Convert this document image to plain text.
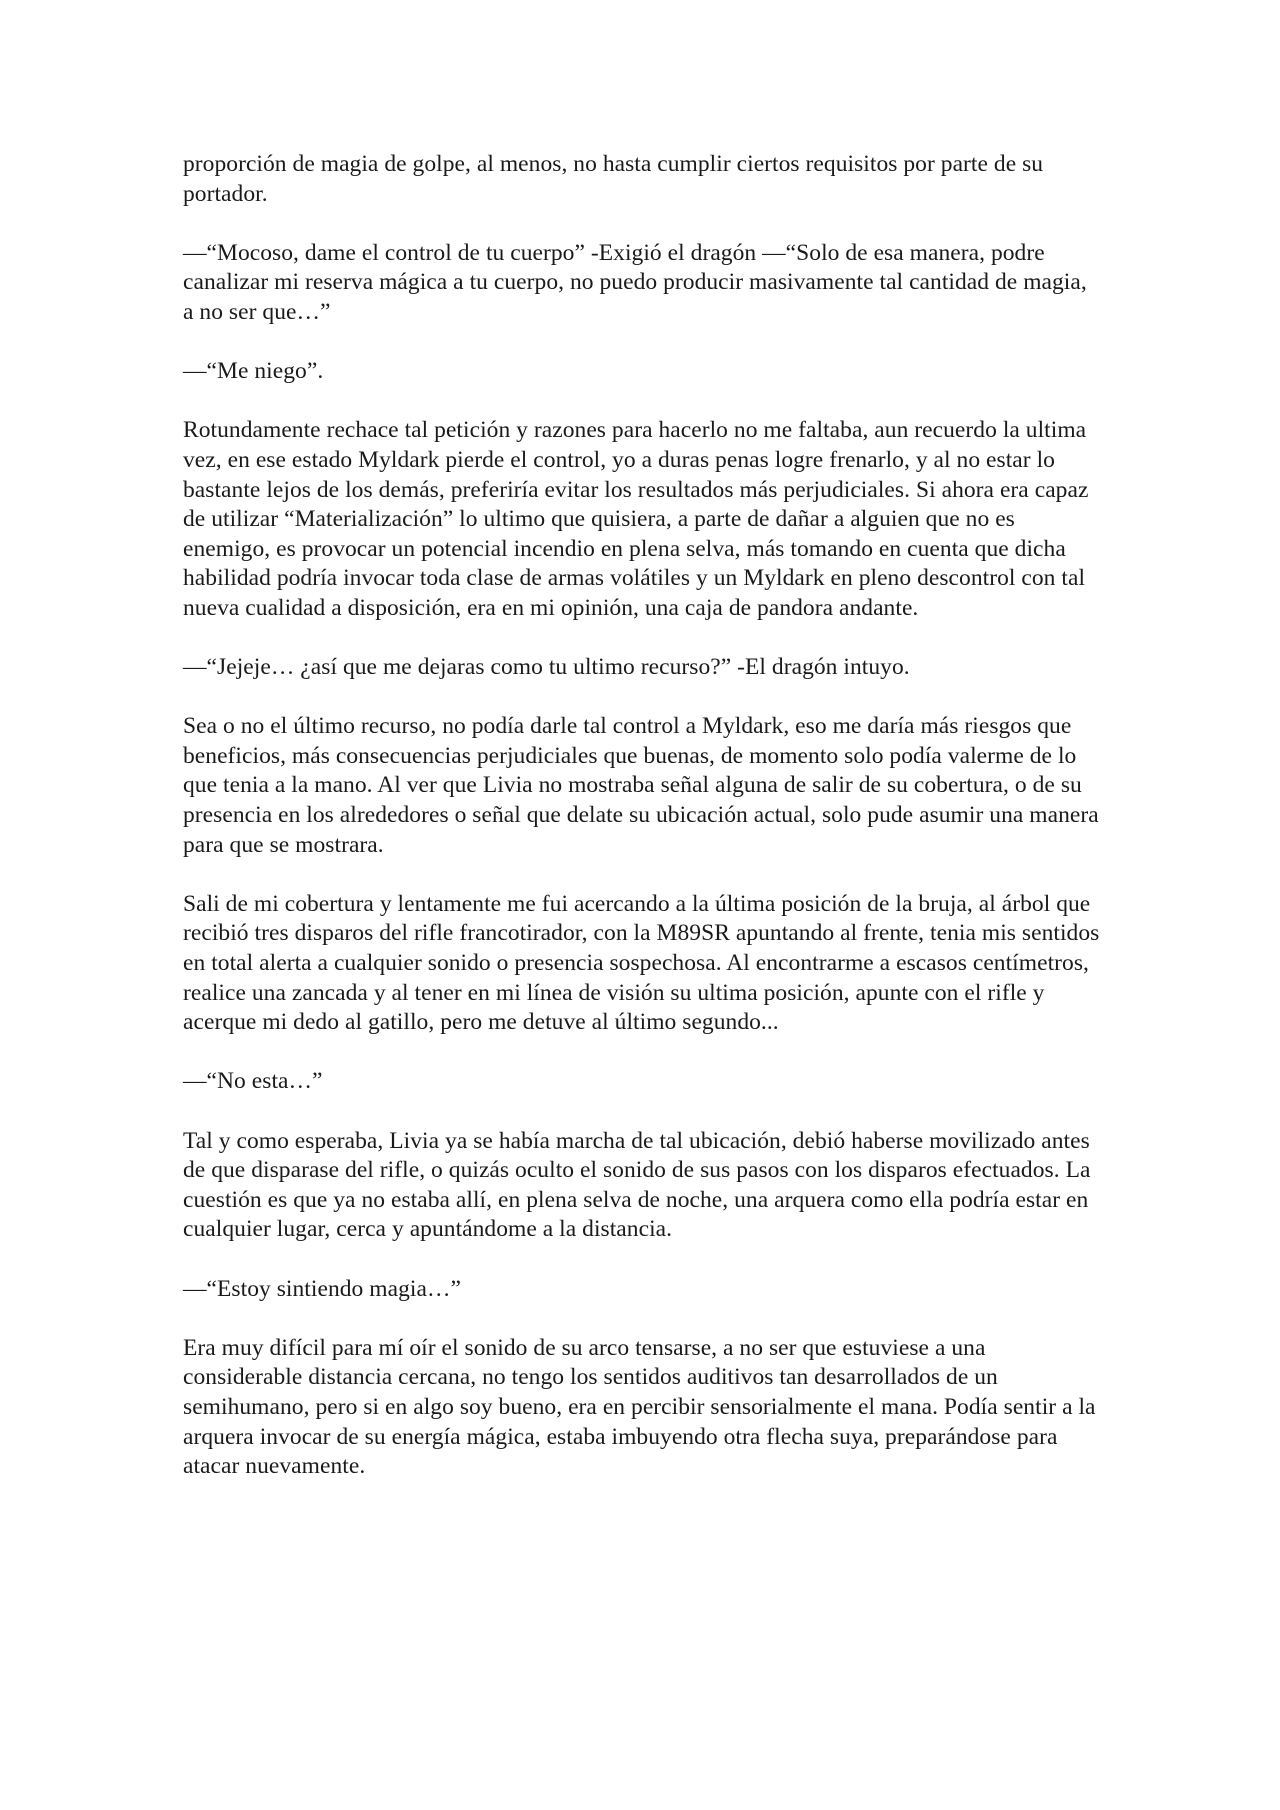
proporción de magia de golpe, al menos, no hasta cumplir ciertos requisitos por parte de su portador.

—“Mocoso, dame el control de tu cuerpo” -Exigió el dragón —“Solo de esa manera, podre canalizar mi reserva mágica a tu cuerpo, no puedo producir masivamente tal cantidad de magia, a no ser que…”

—“Me niego”.

Rotundamente rechace tal petición y razones para hacerlo no me faltaba, aun recuerdo la ultima vez, en ese estado Myldark pierde el control, yo a duras penas logre frenarlo, y al no estar lo bastante lejos de los demás, preferiría evitar los resultados más perjudiciales. Si ahora era capaz de utilizar “Materialización” lo ultimo que quisiera, a parte de dañar a alguien que no es enemigo, es provocar un potencial incendio en plena selva, más tomando en cuenta que dicha habilidad podría invocar toda clase de armas volátiles y un Myldark en pleno descontrol con tal nueva cualidad a disposición, era en mi opinión, una caja de pandora andante.

—“Jejeje… ¿así que me dejaras como tu ultimo recurso?” -El dragón intuyo.

Sea o no el último recurso, no podía darle tal control a Myldark, eso me daría más riesgos que beneficios, más consecuencias perjudiciales que buenas, de momento solo podía valerme de lo que tenia a la mano. Al ver que Livia no mostraba señal alguna de salir de su cobertura, o de su presencia en los alrededores o señal que delate su ubicación actual, solo pude asumir una manera para que se mostrara.

Sali de mi cobertura y lentamente me fui acercando a la última posición de la bruja, al árbol que recibió tres disparos del rifle francotirador, con la M89SR apuntando al frente, tenia mis sentidos en total alerta a cualquier sonido o presencia sospechosa. Al encontrarme a escasos centímetros, realice una zancada y al tener en mi línea de visión su ultima posición, apunte con el rifle y acerque mi dedo al gatillo, pero me detuve al último segundo...

—“No esta…”

Tal y como esperaba, Livia ya se había marcha de tal ubicación, debió haberse movilizado antes de que disparase del rifle, o quizás oculto el sonido de sus pasos con los disparos efectuados. La cuestión es que ya no estaba allí, en plena selva de noche, una arquera como ella podría estar en cualquier lugar, cerca y apuntándome a la distancia.

—“Estoy sintiendo magia…”

Era muy difícil para mí oír el sonido de su arco tensarse, a no ser que estuviese a una considerable distancia cercana, no tengo los sentidos auditivos tan desarrollados de un semihumano, pero si en algo soy bueno, era en percibir sensorialmente el mana. Podía sentir a la arquera invocar de su energía mágica, estaba imbuyendo otra flecha suya, preparándose para atacar nuevamente.
